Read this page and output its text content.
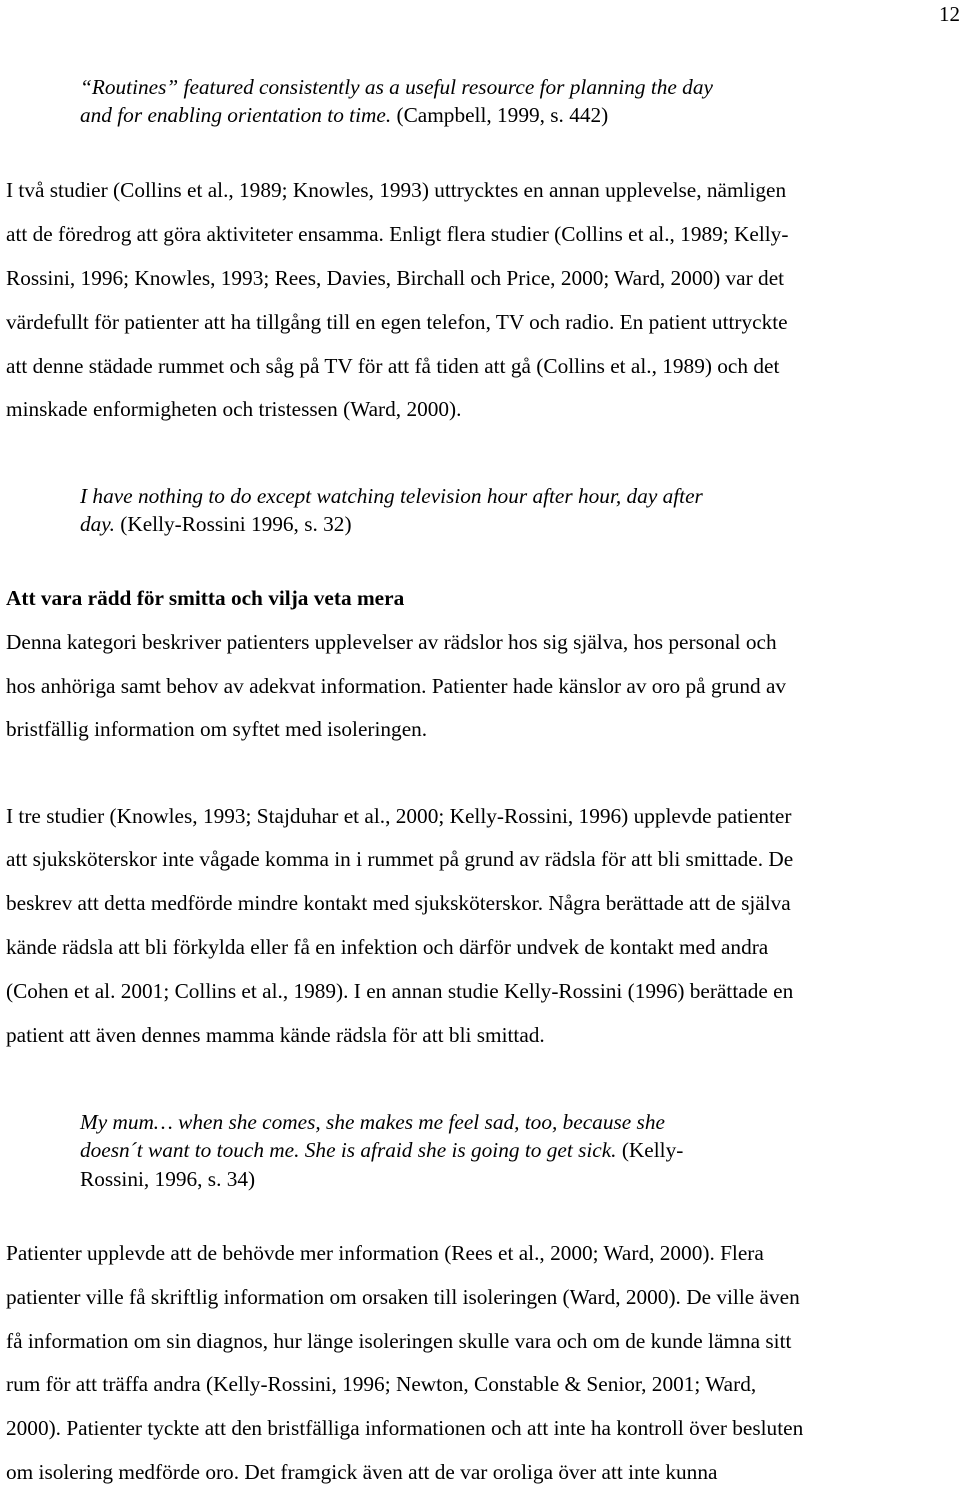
12
“Routines” featured consistently as a useful resource for planning the day
and for enabling orientation to time. (Campbell, 1999, s. 442)
I två studier (Collins et al., 1989; Knowles, 1993) uttrycktes en annan upplevelse, nämligen
att de föredrog att göra aktiviteter ensamma. Enligt flera studier (Collins et al., 1989; Kelly-
Rossini, 1996; Knowles, 1993; Rees, Davies, Birchall och Price, 2000; Ward, 2000) var det
värdefullt för patienter att ha tillgång till en egen telefon, TV och radio. En patient uttryckte
att denne städade rummet och såg på TV för att få tiden att gå (Collins et al., 1989) och det
minskade enformigheten och tristessen (Ward, 2000).
I have nothing to do except watching television hour after hour, day after
day. (Kelly-Rossini 1996, s. 32)
Att vara rädd för smitta och vilja veta mera
Denna kategori beskriver patienters upplevelser av rädslor hos sig själva, hos personal och
hos anhöriga samt behov av adekvat information. Patienter hade känslor av oro på grund av
bristfällig information om syftet med isoleringen.
I tre studier (Knowles, 1993; Stajduhar et al., 2000; Kelly-Rossini, 1996) upplevde patienter
att sjuksköterskor inte vågade komma in i rummet på grund av rädsla för att bli smittade. De
beskrev att detta medförde mindre kontakt med sjuksköterskor. Några berättade att de själva
kände rädsla att bli förkylda eller få en infektion och därför undvek de kontakt med andra
(Cohen et al. 2001; Collins et al., 1989). I en annan studie Kelly-Rossini (1996) berättade en
patient att även dennes mamma kände rädsla för att bli smittad.
My mum… when she comes, she makes me feel sad, too, because she
doesn´t want to touch me. She is afraid she is going to get sick. (Kelly-
Rossini, 1996, s. 34)
Patienter upplevde att de behövde mer information (Rees et al., 2000; Ward, 2000). Flera
patienter ville få skriftlig information om orsaken till isoleringen (Ward, 2000). De ville även
få information om sin diagnos, hur länge isoleringen skulle vara och om de kunde lämna sitt
rum för att träffa andra (Kelly-Rossini, 1996; Newton, Constable & Senior, 2001; Ward,
2000). Patienter tyckte att den bristfälliga informationen och att inte ha kontroll över besluten
om isolering medförde oro. Det framgick även att de var oroliga över att inte kunna
